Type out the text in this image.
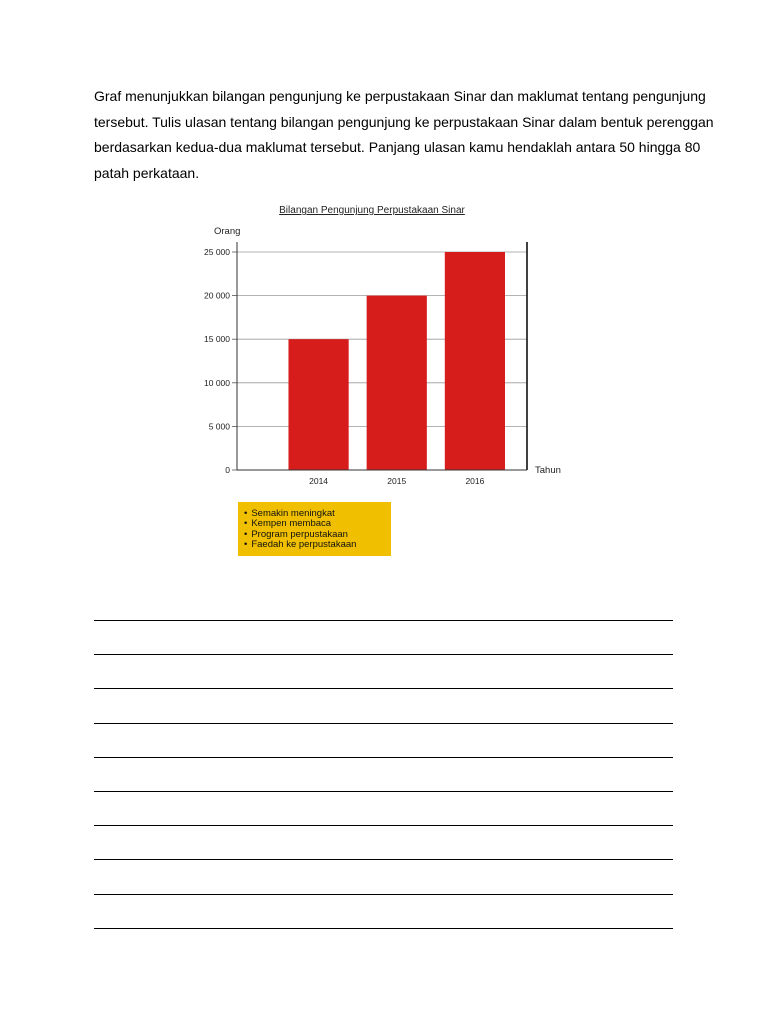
Graf menunjukkan bilangan pengunjung ke perpustakaan Sinar dan maklumat tentang pengunjung
tersebut. Tulis ulasan tentang bilangan pengunjung ke perpustakaan Sinar dalam bentuk perenggan
berdasarkan kedua-dua maklumat tersebut. Panjang ulasan kamu hendaklah antara 50 hingga 80
patah perkataan.
Bilangan Pengunjung Perpustakaan Sinar
Orang
Tahun
0
5 000
10 000
15 000
20 000
25 000
2014	2015	2016
• Semakin meningkat
• Kempen membaca
• Program perpustakaan
• Faedah ke perpustakaan
